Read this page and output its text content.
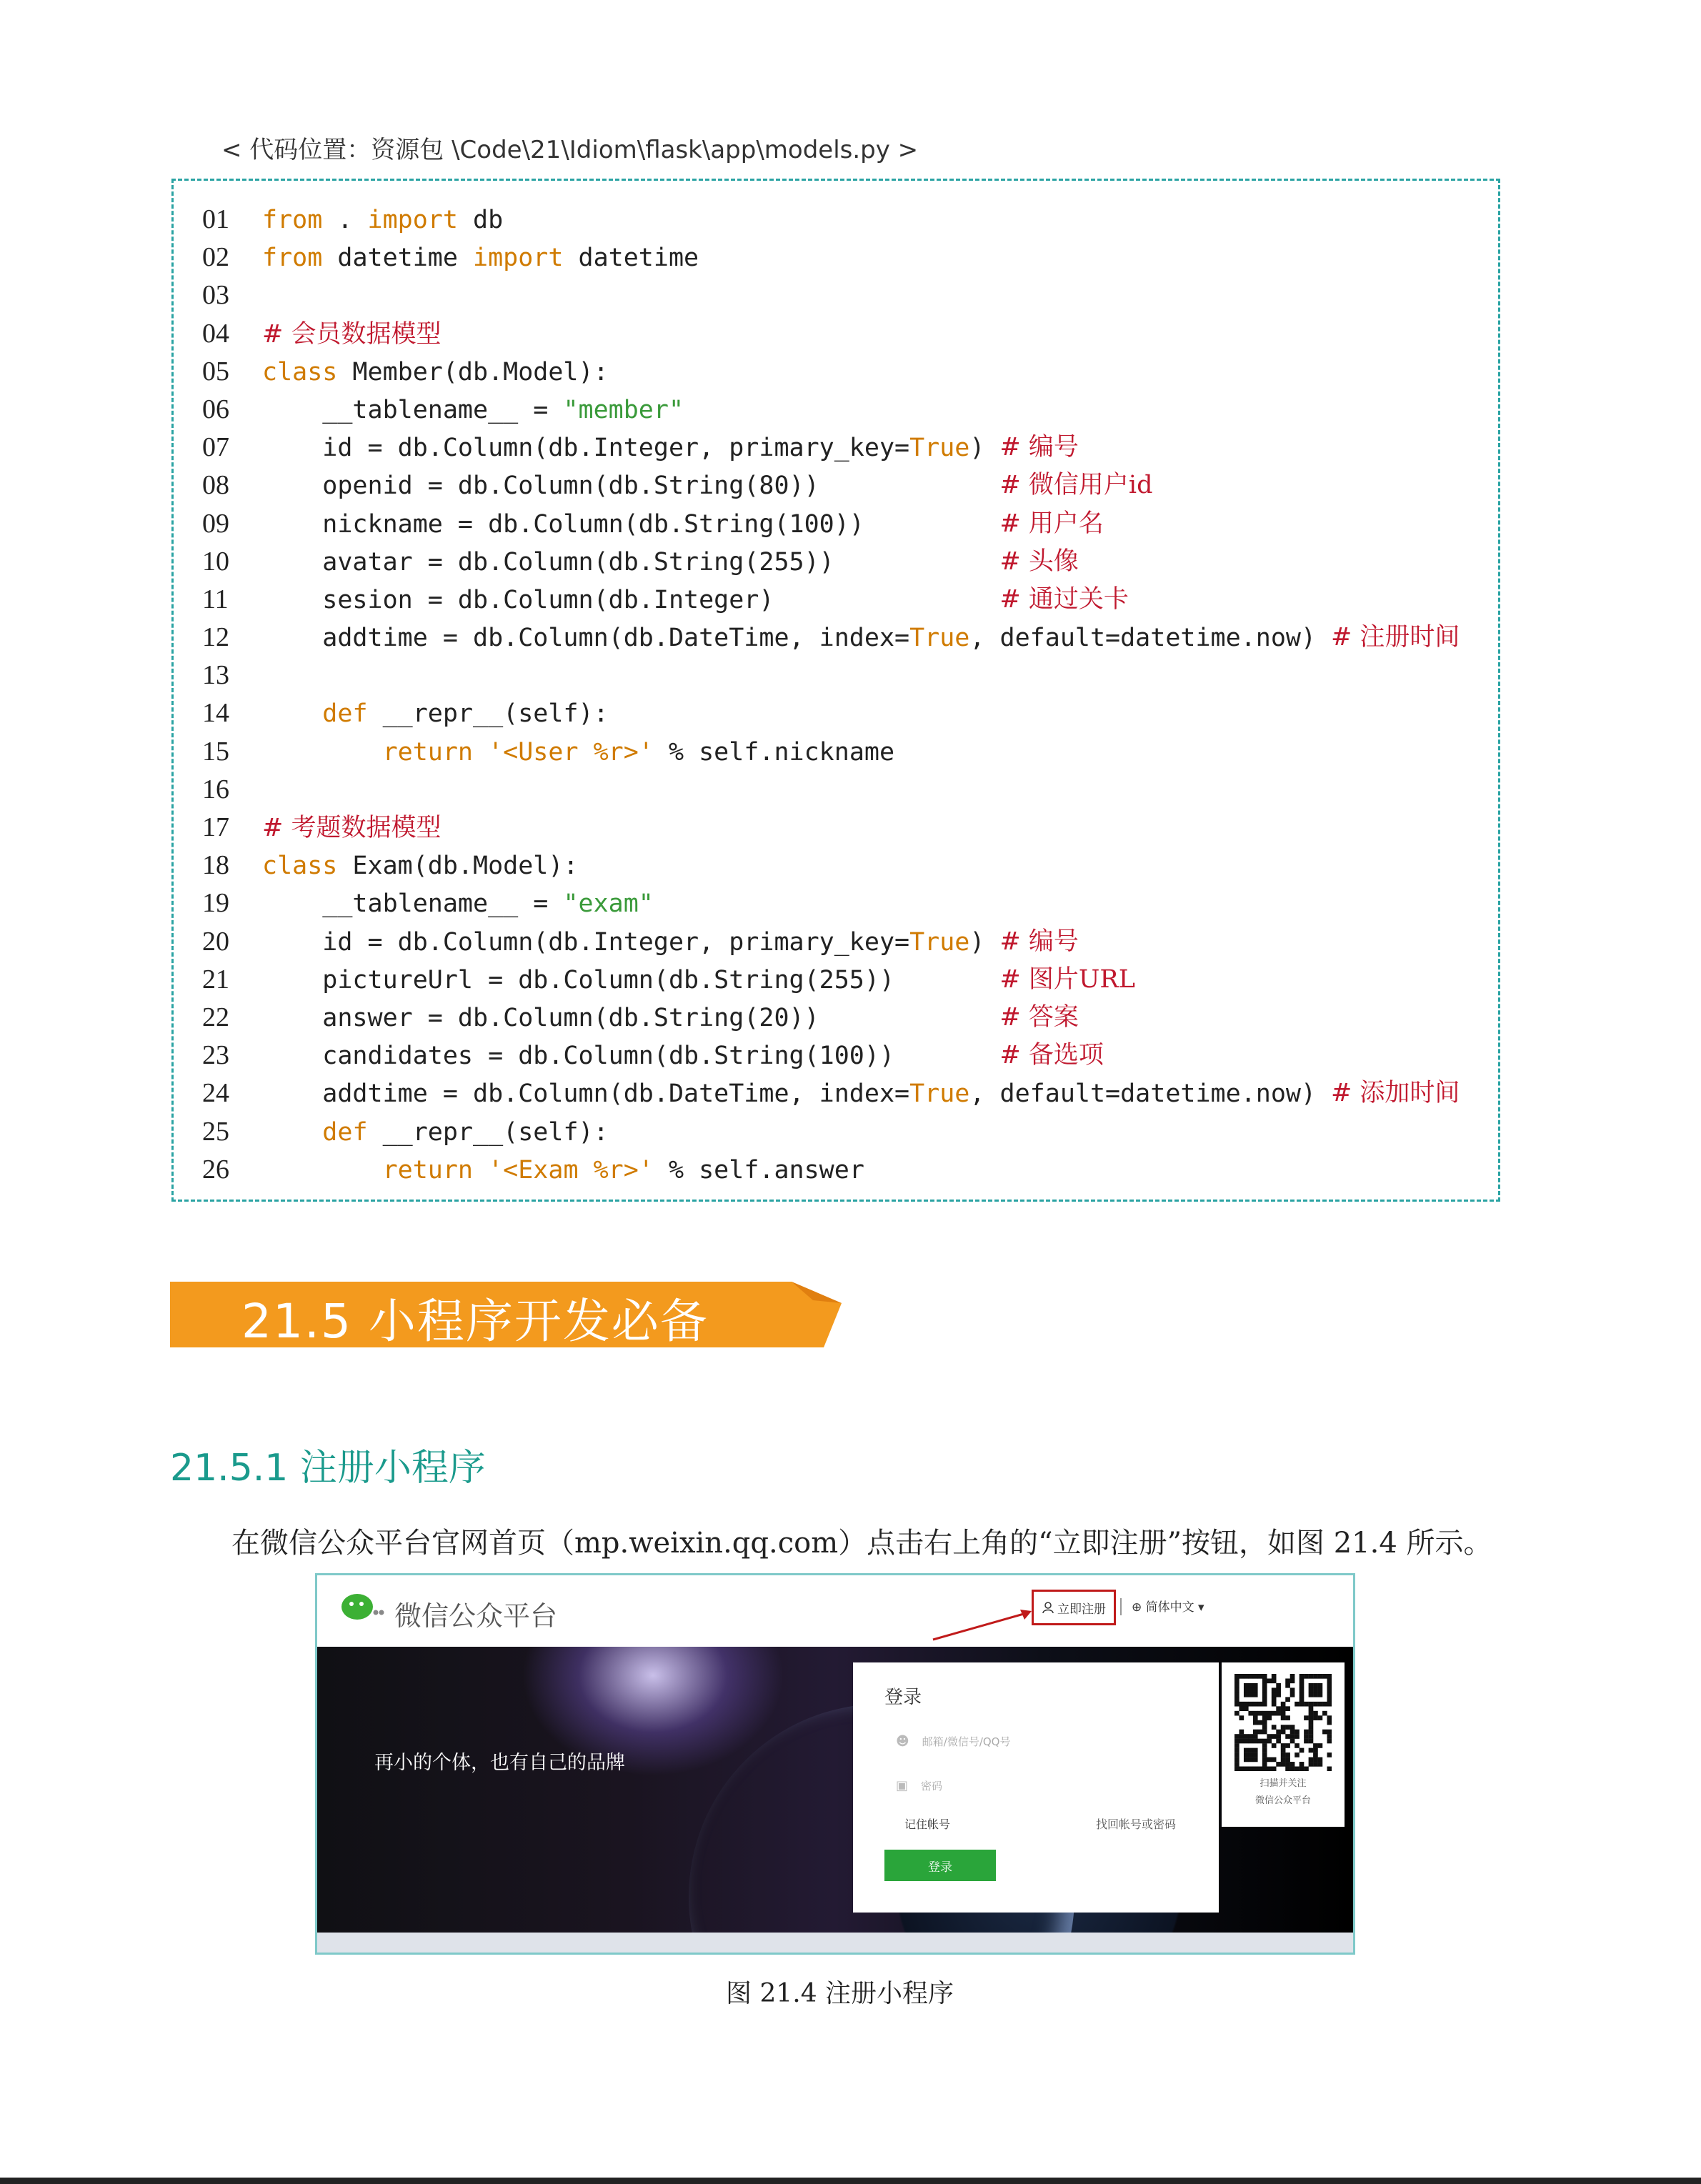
< 代码位置：资源包 \Code\21\Idiom\flask\app\models.py >
01 from . import db
02 from datetime import datetime
03
04 # 会员数据模型
05 class Member(db.Model):
06    __tablename__ = "member"
07    id = db.Column(db.Integer, primary_key=True) # 编号
08    openid = db.Column(db.String(80))	# 微信用户id
09    nickname = db.Column(db.String(100))	# 用户名
10    avatar = db.Column(db.String(255))	# 头像
11    sesion = db.Column(db.Integer)	# 通过关卡
12    addtime = db.Column(db.DateTime, index=True, default=datetime.now) # 注册时间
13
14	def __repr__(self):
15	return '<User %r>' % self.nickname
16
17 # 考题数据模型
18 class Exam(db.Model):
19    __tablename__ = "exam"
20    id = db.Column(db.Integer, primary_key=True) # 编号
21    pictureUrl = db.Column(db.String(255))	# 图片URL
22    answer = db.Column(db.String(20))	# 答案
23    candidates = db.Column(db.String(100))	# 备选项
24    addtime = db.Column(db.DateTime, index=True, default=datetime.now) # 添加时间
25	def __repr__(self):
26	return '<Exam %r>' % self.answer
21.5 小程序开发必备
21.5.1 注册小程序
在微信公众平台官网首页（mp.weixin.qq.com）点击右上角的“立即注册”按钮，如图 21.4 所示。
微信公众平台	立即注册 ⊕ 简体中文 ▾
再小的个体，也有自己的品牌
登录
☻ 邮箱/微信号/QQ号
▣ 密码
记住帐号	找回帐号或密码
登录
扫描并关注
微信公众平台
图 21.4 注册小程序
